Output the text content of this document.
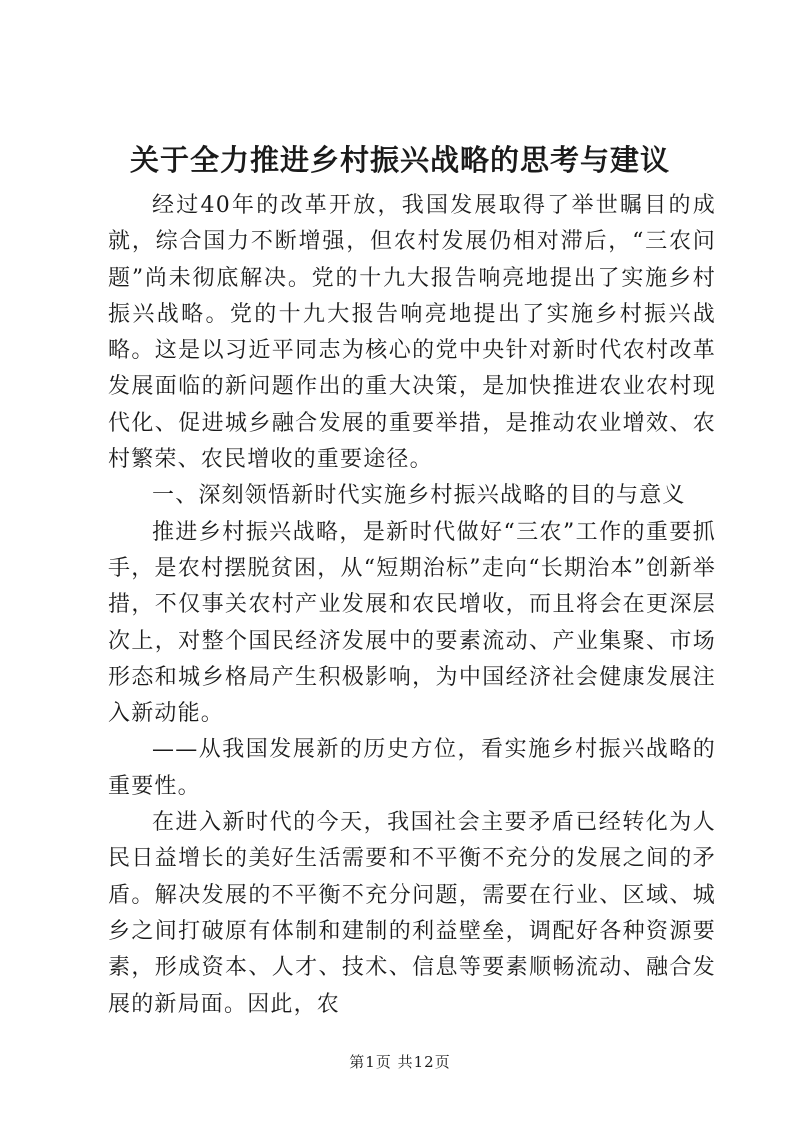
关于全力推进乡村振兴战略的思考与建议

经过40年的改革开放，我国发展取得了举世瞩目的成就，综合国力不断增强，但农村发展仍相对滞后，“三农问题”尚未彻底解决。党的十九大报告响亮地提出了实施乡村振兴战略。党的十九大报告响亮地提出了实施乡村振兴战略。这是以习近平同志为核心的党中央针对新时代农村改革发展面临的新问题作出的重大决策，是加快推进农业农村现代化、促进城乡融合发展的重要举措，是推动农业增效、农村繁荣、农民增收的重要途径。

一、深刻领悟新时代实施乡村振兴战略的目的与意义

推进乡村振兴战略，是新时代做好“三农”工作的重要抓手，是农村摆脱贫困，从“短期治标”走向“长期治本”创新举措，不仅事关农村产业发展和农民增收，而且将会在更深层次上，对整个国民经济发展中的要素流动、产业集聚、市场形态和城乡格局产生积极影响，为中国经济社会健康发展注入新动能。

——从我国发展新的历史方位，看实施乡村振兴战略的重要性。

在进入新时代的今天，我国社会主要矛盾已经转化为人民日益增长的美好生活需要和不平衡不充分的发展之间的矛盾。解决发展的不平衡不充分问题，需要在行业、区域、城乡之间打破原有体制和建制的利益壁垒，调配好各种资源要素，形成资本、人才、技术、信息等要素顺畅流动、融合发展的新局面。因此，农

第1页 共12页
